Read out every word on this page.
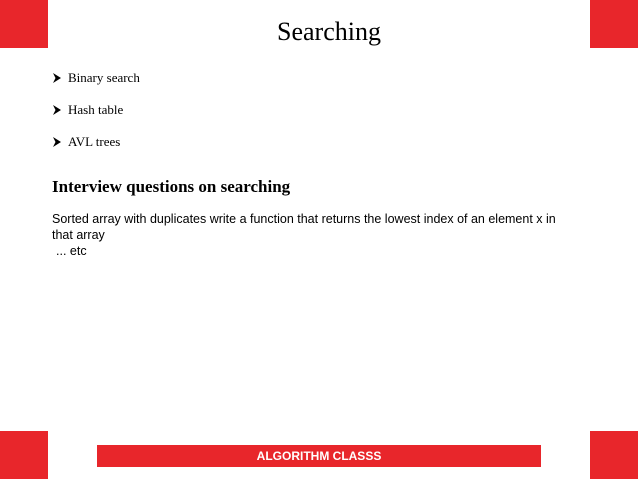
Searching
Binary search
Hash table
AVL trees
Interview questions on searching

Sorted array with duplicates write a function that returns the lowest index of an element x in that array

... etc

ALGORITHM CLASSS
